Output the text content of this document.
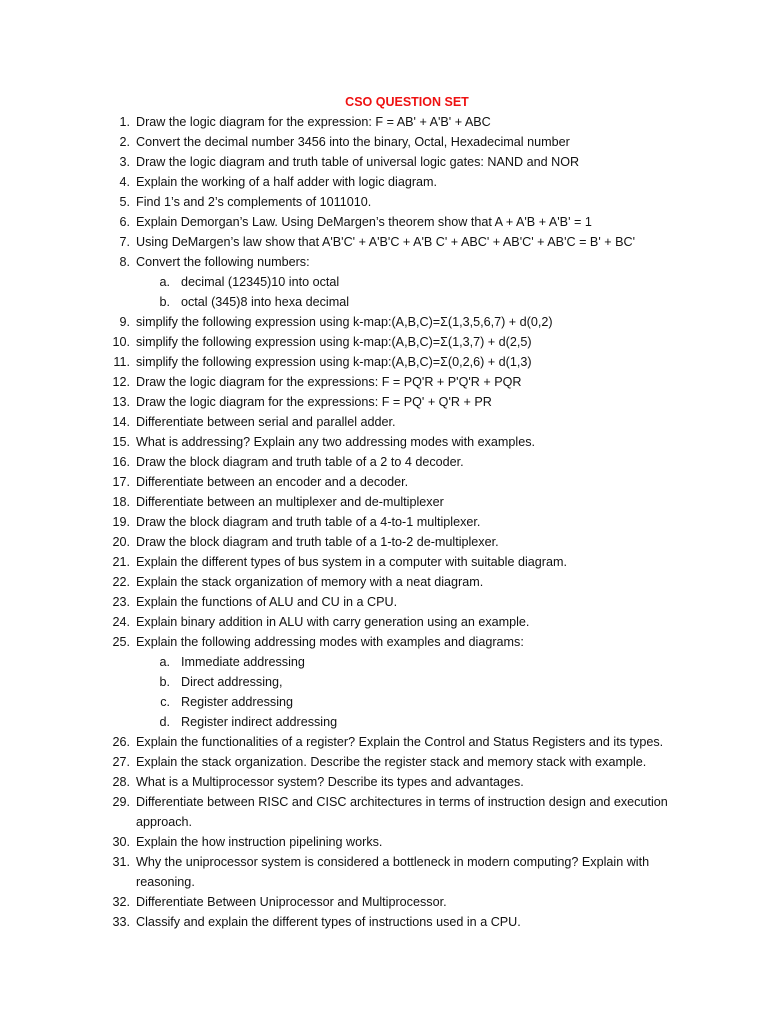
CSO QUESTION SET
1. Draw the logic diagram for the expression: F = AB' + A'B' + ABC
2. Convert the decimal number 3456 into the binary, Octal, Hexadecimal number
3. Draw the logic diagram and truth table of universal logic gates: NAND and NOR
4. Explain the working of a half adder with logic diagram.
5. Find 1’s and 2’s complements of 1011010.
6. Explain Demorgan’s Law. Using DeMargen’s theorem show that A + A'B + A'B' = 1
7. Using DeMargen’s law show that A'B'C' + A'B'C + A'B C' + ABC' + AB'C' + AB'C = B' + BC'
8. Convert the following numbers:
a. decimal (12345)10 into octal
b. octal (345)8 into hexa decimal
9. simplify the following expression using k-map:(A,B,C)=Σ(1,3,5,6,7) + d(0,2)
10. simplify the following expression using k-map:(A,B,C)=Σ(1,3,7) + d(2,5)
11. simplify the following expression using k-map:(A,B,C)=Σ(0,2,6) + d(1,3)
12. Draw the logic diagram for the expressions: F = PQ'R + P'Q'R + PQR
13. Draw the logic diagram for the expressions: F = PQ' + Q'R + PR
14. Differentiate between serial and parallel adder.
15. What is addressing? Explain any two addressing modes with examples.
16. Draw the block diagram and truth table of a 2 to 4 decoder.
17. Differentiate between an encoder and a decoder.
18. Differentiate between an multiplexer and de-multiplexer
19. Draw the block diagram and truth table of a 4-to-1 multiplexer.
20. Draw the block diagram and truth table of a 1-to-2 de-multiplexer.
21. Explain the different types of bus system in a computer with suitable diagram.
22. Explain the stack organization of memory with a neat diagram.
23. Explain the functions of ALU and CU in a CPU.
24. Explain binary addition in ALU with carry generation using an example.
25. Explain the following addressing modes with examples and diagrams:
a. Immediate addressing
b. Direct addressing,
c. Register addressing
d. Register indirect addressing
26. Explain the functionalities of a register? Explain the Control and Status Registers and its types.
27. Explain the stack organization. Describe the register stack and memory stack with example.
28. What is a Multiprocessor system? Describe its types and advantages.
29. Differentiate between RISC and CISC architectures in terms of instruction design and execution
approach.
30. Explain the how instruction pipelining works.
31. Why the uniprocessor system is considered a bottleneck in modern computing? Explain with
reasoning.
32. Differentiate Between Uniprocessor and Multiprocessor.
33. Classify and explain the different types of instructions used in a CPU.
